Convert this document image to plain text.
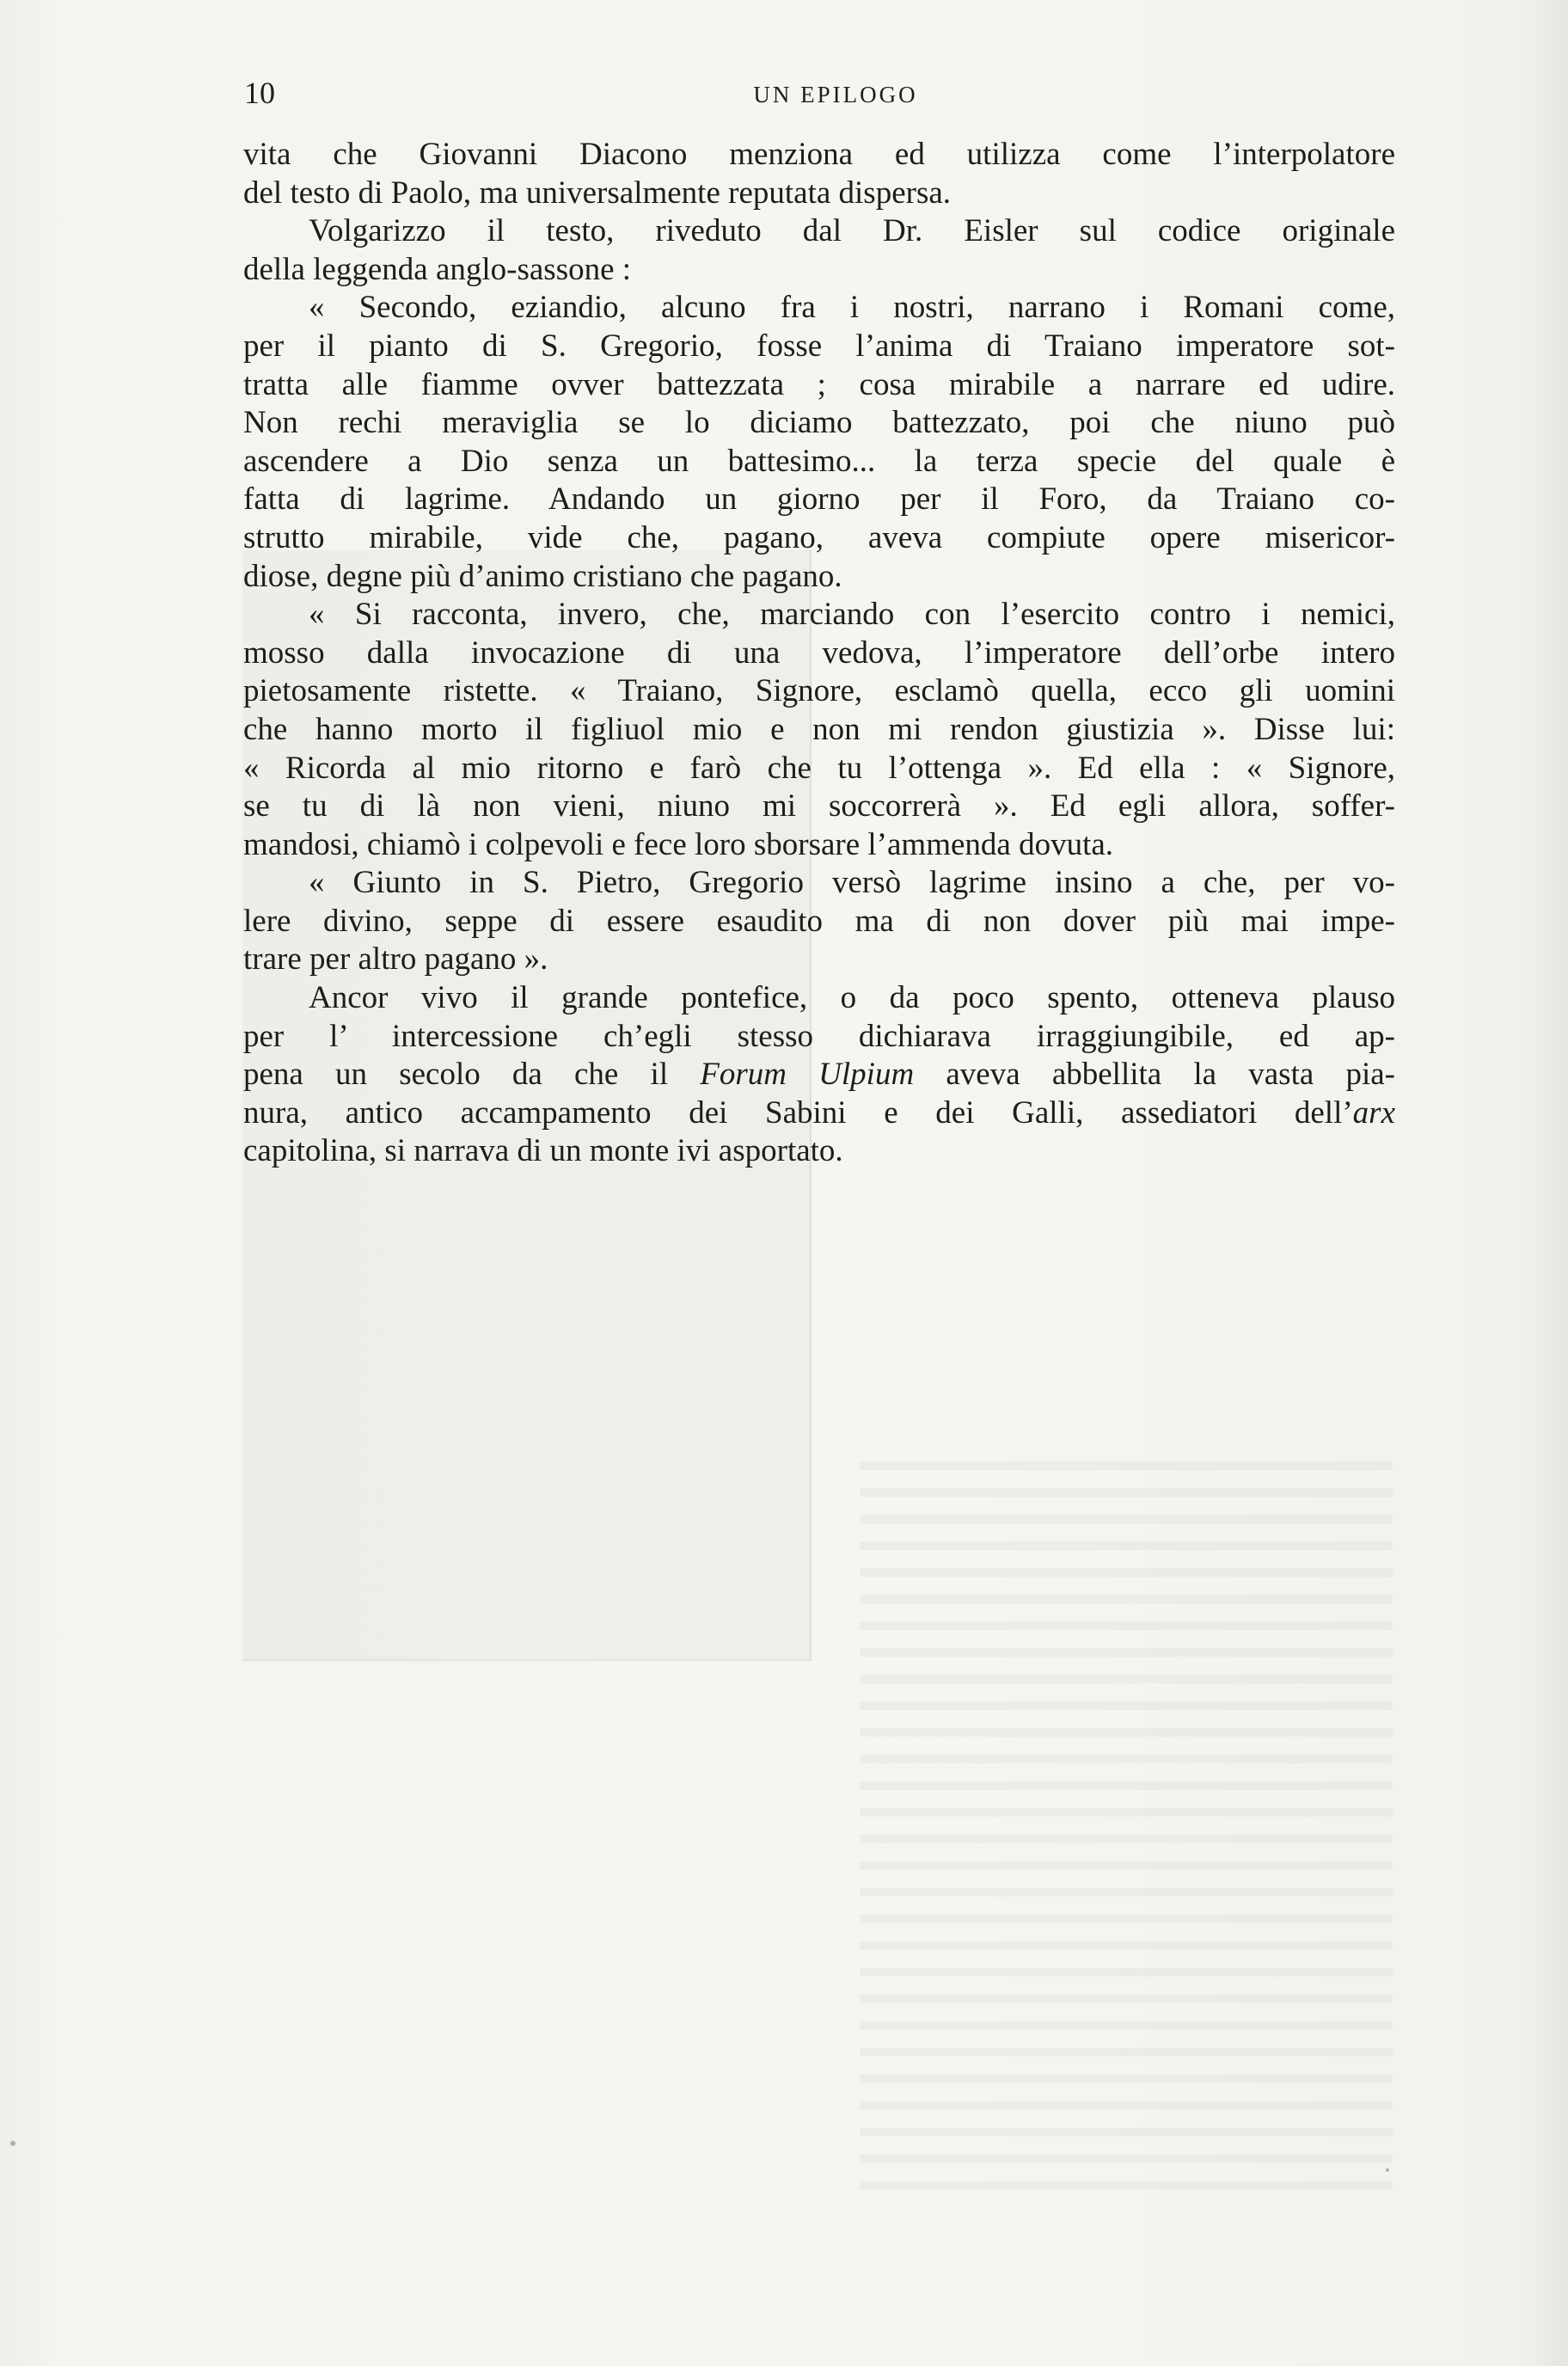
10	UN EPILOGO
vita che Giovanni Diacono menziona ed utilizza come l’interpolatore
del testo di Paolo, ma universalmente reputata dispersa.
Volgarizzo il testo, riveduto dal Dr. Eisler sul codice originale
della leggenda anglo-sassone :
« Secondo, eziandio, alcuno fra i nostri, narrano i Romani come,
per il pianto di S. Gregorio, fosse l’anima di Traiano imperatore sot-
tratta alle fiamme ovver battezzata ; cosa mirabile a narrare ed udire.
Non rechi meraviglia se lo diciamo battezzato, poi che niuno può
ascendere a Dio senza un battesimo... la terza specie del quale è
fatta di lagrime. Andando un giorno per il Foro, da Traiano co-
strutto mirabile, vide che, pagano, aveva compiute opere misericor-
diose, degne più d’animo cristiano che pagano.
« Si racconta, invero, che, marciando con l’esercito contro i nemici,
mosso dalla invocazione di una vedova, l’imperatore dell’orbe intero
pietosamente ristette. « Traiano, Signore, esclamò quella, ecco gli uomini
che hanno morto il figliuol mio e non mi rendon giustizia ». Disse lui:
« Ricorda al mio ritorno e farò che tu l’ottenga ». Ed ella : « Signore,
se tu di là non vieni, niuno mi soccorrerà ». Ed egli allora, soffer-
mandosi, chiamò i colpevoli e fece loro sborsare l’ammenda dovuta.
« Giunto in S. Pietro, Gregorio versò lagrime insino a che, per vo-
lere divino, seppe di essere esaudito ma di non dover più mai impe-
trare per altro pagano ».
Ancor vivo il grande pontefice, o da poco spento, otteneva plauso
per l’ intercessione ch’egli stesso dichiarava irraggiungibile, ed ap-
pena un secolo da che il Forum Ulpium aveva abbellita la vasta pia-
nura, antico accampamento dei Sabini e dei Galli, assediatori dell’arx
capitolina, si narrava di un monte ivi asportato.
